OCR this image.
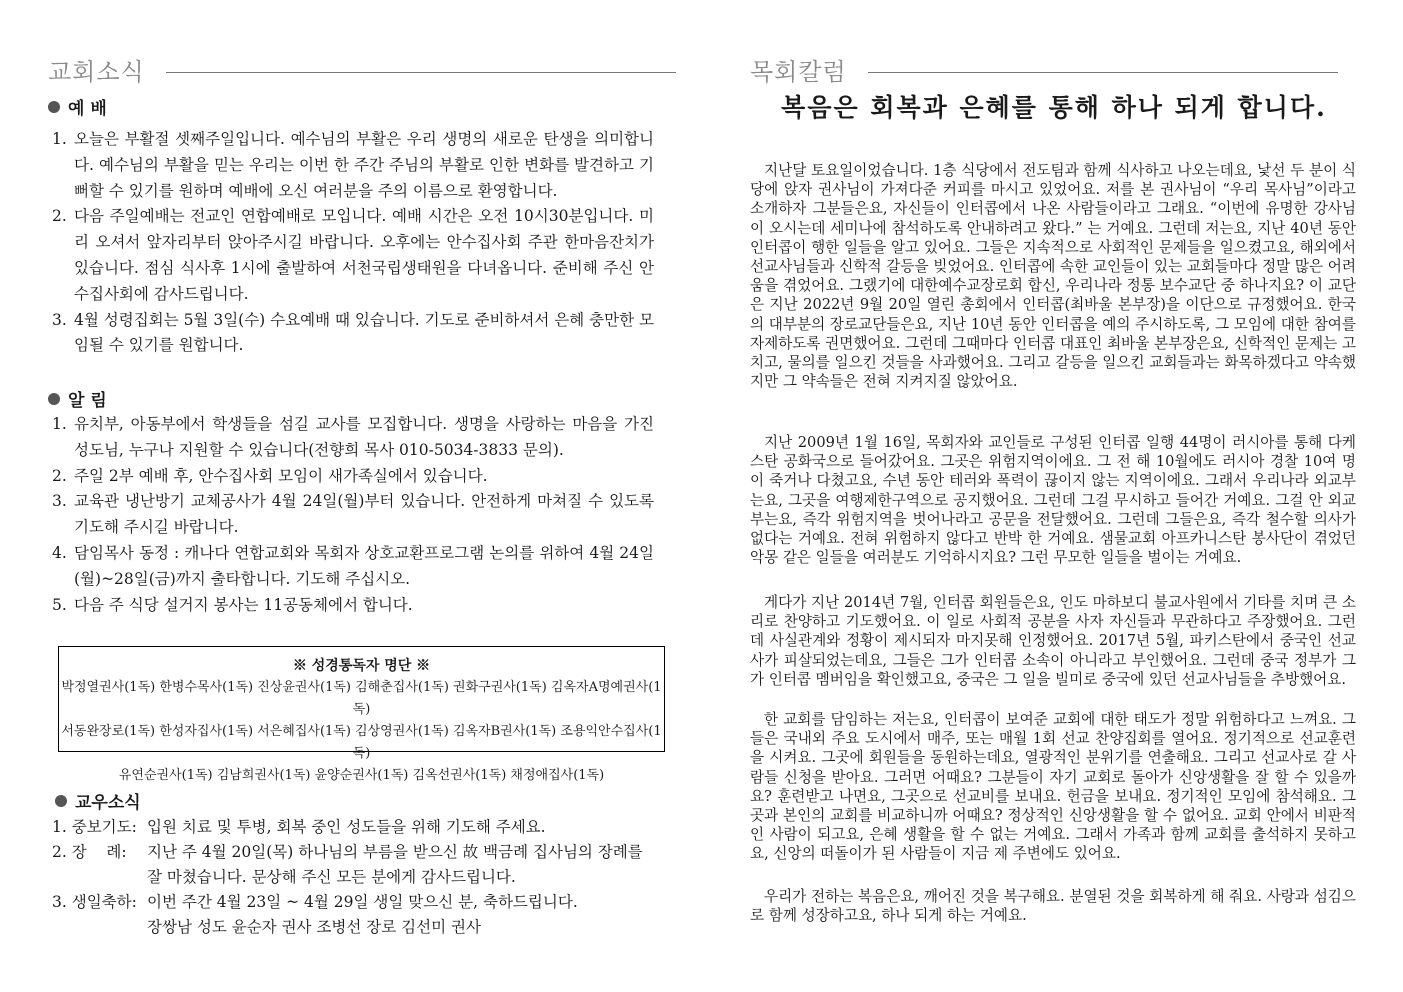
교회소식
예 배
1. 오늘은 부활절 셋째주일입니다. 예수님의 부활은 우리 생명의 새로운 탄생을 의미합니다. 예수님의 부활을 믿는 우리는 이번 한 주간 주님의 부활로 인한 변화를 발견하고 기뻐할 수 있기를 원하며 예배에 오신 여러분을 주의 이름으로 환영합니다.
2. 다음 주일예배는 전교인 연합예배로 모입니다. 예배 시간은 오전 10시30분입니다. 미리 오셔서 앞자리부터 앉아주시길 바랍니다. 오후에는 안수집사회 주관 한마음잔치가 있습니다. 점심 식사후 1시에 출발하여 서천국립생태원을 다녀옵니다. 준비해 주신 안수집사회에 감사드립니다.
3. 4월 성령집회는 5월 3일(수) 수요예배 때 있습니다. 기도로 준비하셔서 은혜 충만한 모임될 수 있기를 원합니다.
알 림
1. 유치부, 아동부에서 학생들을 섬길 교사를 모집합니다. 생명을 사랑하는 마음을 가진 성도님, 누구나 지원할 수 있습니다(전향희 목사 010-5034-3833 문의).
2. 주일 2부 예배 후, 안수집사회 모임이 새가족실에서 있습니다.
3. 교육관 냉난방기 교체공사가 4월 24일(월)부터 있습니다. 안전하게 마쳐질 수 있도록 기도해 주시길 바랍니다.
4. 담임목사 동정 : 캐나다 연합교회와 목회자 상호교환프로그램 논의를 위하여 4월 24일(월)~28일(금)까지 출타합니다. 기도해 주십시오.
5. 다음 주 식당 설거지 봉사는 11공동체에서 합니다.
※ 성경통독자 명단 ※
박정열권사(1독) 한병수목사(1독) 진상윤권사(1독) 김해춘집사(1독) 권화구권사(1독) 김옥자A명예권사(1독)
서동완장로(1독) 한성자집사(1독) 서은혜집사(1독) 김상영권사(1독) 김옥자B권사(1독) 조용익안수집사(1독)
유연순권사(1독) 김남희권사(1독) 윤양순권사(1독) 김옥선권사(1독) 채정애집사(1독)
교우소식
1. 중보기도: 입원 치료 및 투병, 회복 중인 성도들을 위해 기도해 주세요.
2. 장    례:	지난 주 4월 20일(목) 하나님의 부름을 받으신 故 백금례 집사님의 장례를 잘 마쳤습니다. 문상해 주신 모든 분에게 감사드립니다.
3. 생일축하: 이번 주간 4월 23일 ~ 4월 29일 생일 맞으신 분, 축하드립니다.
장쌍남 성도 윤순자 권사 조병선 장로 김선미 권사
목회칼럼
복음은 회복과 은혜를 통해 하나 되게 합니다.

지난달 토요일이었습니다. 1층 식당에서 전도팀과 함께 식사하고 나오는데요, 낯선 두 분이 식당에 앉자 권사님이 가져다준 커피를 마시고 있었어요. 저를 본 권사님이 “우리 목사님”이라고 소개하자 그분들은요, 자신들이 인터콥에서 나온 사람들이라고 그래요. “이번에 유명한 강사님이 오시는데 세미나에 참석하도록 안내하려고 왔다.” 는 거예요. 그런데 저는요, 지난 40년 동안 인터콥이 행한 일들을 알고 있어요. 그들은 지속적으로 사회적인 문제들을 일으켰고요, 해외에서 선교사님들과 신학적 갈등을 빚었어요. 인터콥에 속한 교인들이 있는 교회들마다 정말 많은 어려움을 겪었어요. 그랬기에 대한예수교장로회 합신, 우리나라 정통 보수교단 중 하나지요? 이 교단은 지난 2022년 9월 20일 열린 총회에서 인터콥(최바울 본부장)을 이단으로 규정했어요. 한국의 대부분의 장로교단들은요, 지난 10년 동안 인터콥을 예의 주시하도록, 그 모임에 대한 참여를 자제하도록 권면했어요. 그런데 그때마다 인터콥 대표인 최바울 본부장은요, 신학적인 문제는 고치고, 물의를 일으킨 것들을 사과했어요. 그리고 갈등을 일으킨 교회들과는 화목하겠다고 약속했지만 그 약속들은 전혀 지켜지질 않았어요.

지난 2009년 1월 16일, 목회자와 교인들로 구성된 인터콥 일행 44명이 러시아를 통해 다케스탄 공화국으로 들어갔어요. 그곳은 위험지역이에요. 그 전 해 10월에도 러시아 경찰 10여 명이 죽거나 다쳤고요, 수년 동안 테러와 폭력이 끊이지 않는 지역이에요. 그래서 우리나라 외교부는요, 그곳을 여행제한구역으로 공지했어요. 그런데 그걸 무시하고 들어간 거예요. 그걸 안 외교부는요, 즉각 위험지역을 벗어나라고 공문을 전달했어요. 그런데 그들은요, 즉각 철수할 의사가 없다는 거예요. 전혀 위험하지 않다고 반박 한 거예요. 샘물교회 아프카니스탄 봉사단이 겪었던 악몽 같은 일들을 여러분도 기억하시지요? 그런 무모한 일들을 벌이는 거예요.

게다가 지난 2014년 7월, 인터콥 회원들은요, 인도 마하보디 불교사원에서 기타를 치며 큰 소리로 찬양하고 기도했어요. 이 일로 사회적 공분을 사자 자신들과 무관하다고 주장했어요. 그런데 사실관계와 정황이 제시되자 마지못해 인정했어요. 2017년 5월, 파키스탄에서 중국인 선교사가 피살되었는데요, 그들은 그가 인터콥 소속이 아니라고 부인했어요. 그런데 중국 정부가 그가 인터콥 멤버임을 확인했고요, 중국은 그 일을 빌미로 중국에 있던 선교사님들을 추방했어요.

한 교회를 담임하는 저는요, 인터콥이 보여준 교회에 대한 태도가 정말 위험하다고 느껴요. 그들은 국내외 주요 도시에서 매주, 또는 매월 1회 선교 찬양집회를 열어요. 정기적으로 선교훈련을 시켜요. 그곳에 회원들을 동원하는데요, 열광적인 분위기를 연출해요. 그리고 선교사로 갈 사람들 신청을 받아요. 그러면 어때요? 그분들이 자기 교회로 돌아가 신앙생활을 잘 할 수 있을까요? 훈련받고 나면요, 그곳으로 선교비를 보내요. 헌금을 보내요. 정기적인 모임에 참석해요. 그곳과 본인의 교회를 비교하니까 어때요? 정상적인 신앙생활을 할 수 없어요. 교회 안에서 비판적인 사람이 되고요, 은혜 생활을 할 수 없는 거예요. 그래서 가족과 함께 교회를 출석하지 못하고요, 신앙의 떠돌이가 된 사람들이 지금 제 주변에도 있어요.

우리가 전하는 복음은요, 깨어진 것을 복구해요. 분열된 것을 회복하게 해 줘요. 사랑과 섬김으로 함께 성장하고요, 하나 되게 하는 거예요.
